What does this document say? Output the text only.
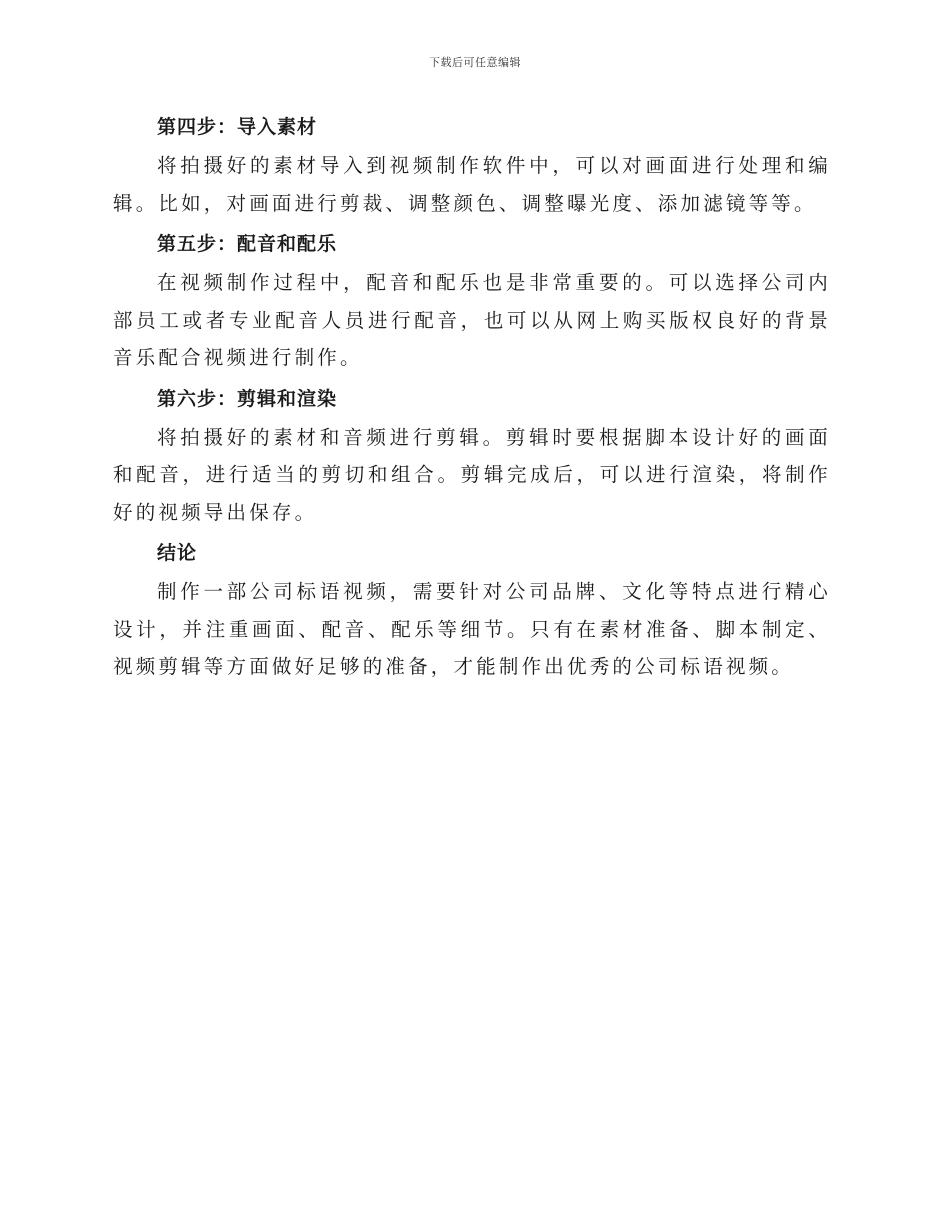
下载后可任意编辑
第四步：导入素材

将拍摄好的素材导入到视频制作软件中，可以对画面进行处理和编辑。比如，对画面进行剪裁、调整颜色、调整曝光度、添加滤镜等等。

第五步：配音和配乐

在视频制作过程中，配音和配乐也是非常重要的。可以选择公司内部员工或者专业配音人员进行配音，也可以从网上购买版权良好的背景音乐配合视频进行制作。

第六步：剪辑和渲染

将拍摄好的素材和音频进行剪辑。剪辑时要根据脚本设计好的画面和配音，进行适当的剪切和组合。剪辑完成后，可以进行渲染，将制作好的视频导出保存。

结论

制作一部公司标语视频，需要针对公司品牌、文化等特点进行精心设计，并注重画面、配音、配乐等细节。只有在素材准备、脚本制定、视频剪辑等方面做好足够的准备，才能制作出优秀的公司标语视频。
